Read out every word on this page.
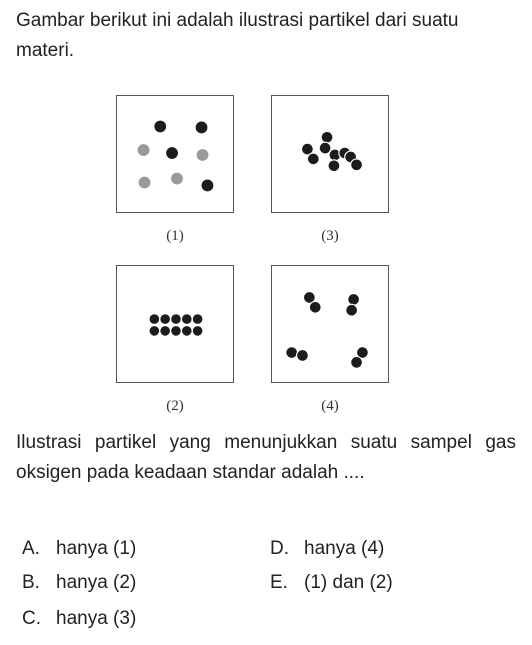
Gambar berikut ini adalah ilustrasi partikel dari suatu materi.
(1)	(3)
(2)	(4)
Ilustrasi partikel yang menunjukkan suatu sampel gas oksigen pada keadaan standar adalah ....
A. hanya (1)
B. hanya (2)
C. hanya (3)
D. hanya (4)
E. (1) dan (2)
